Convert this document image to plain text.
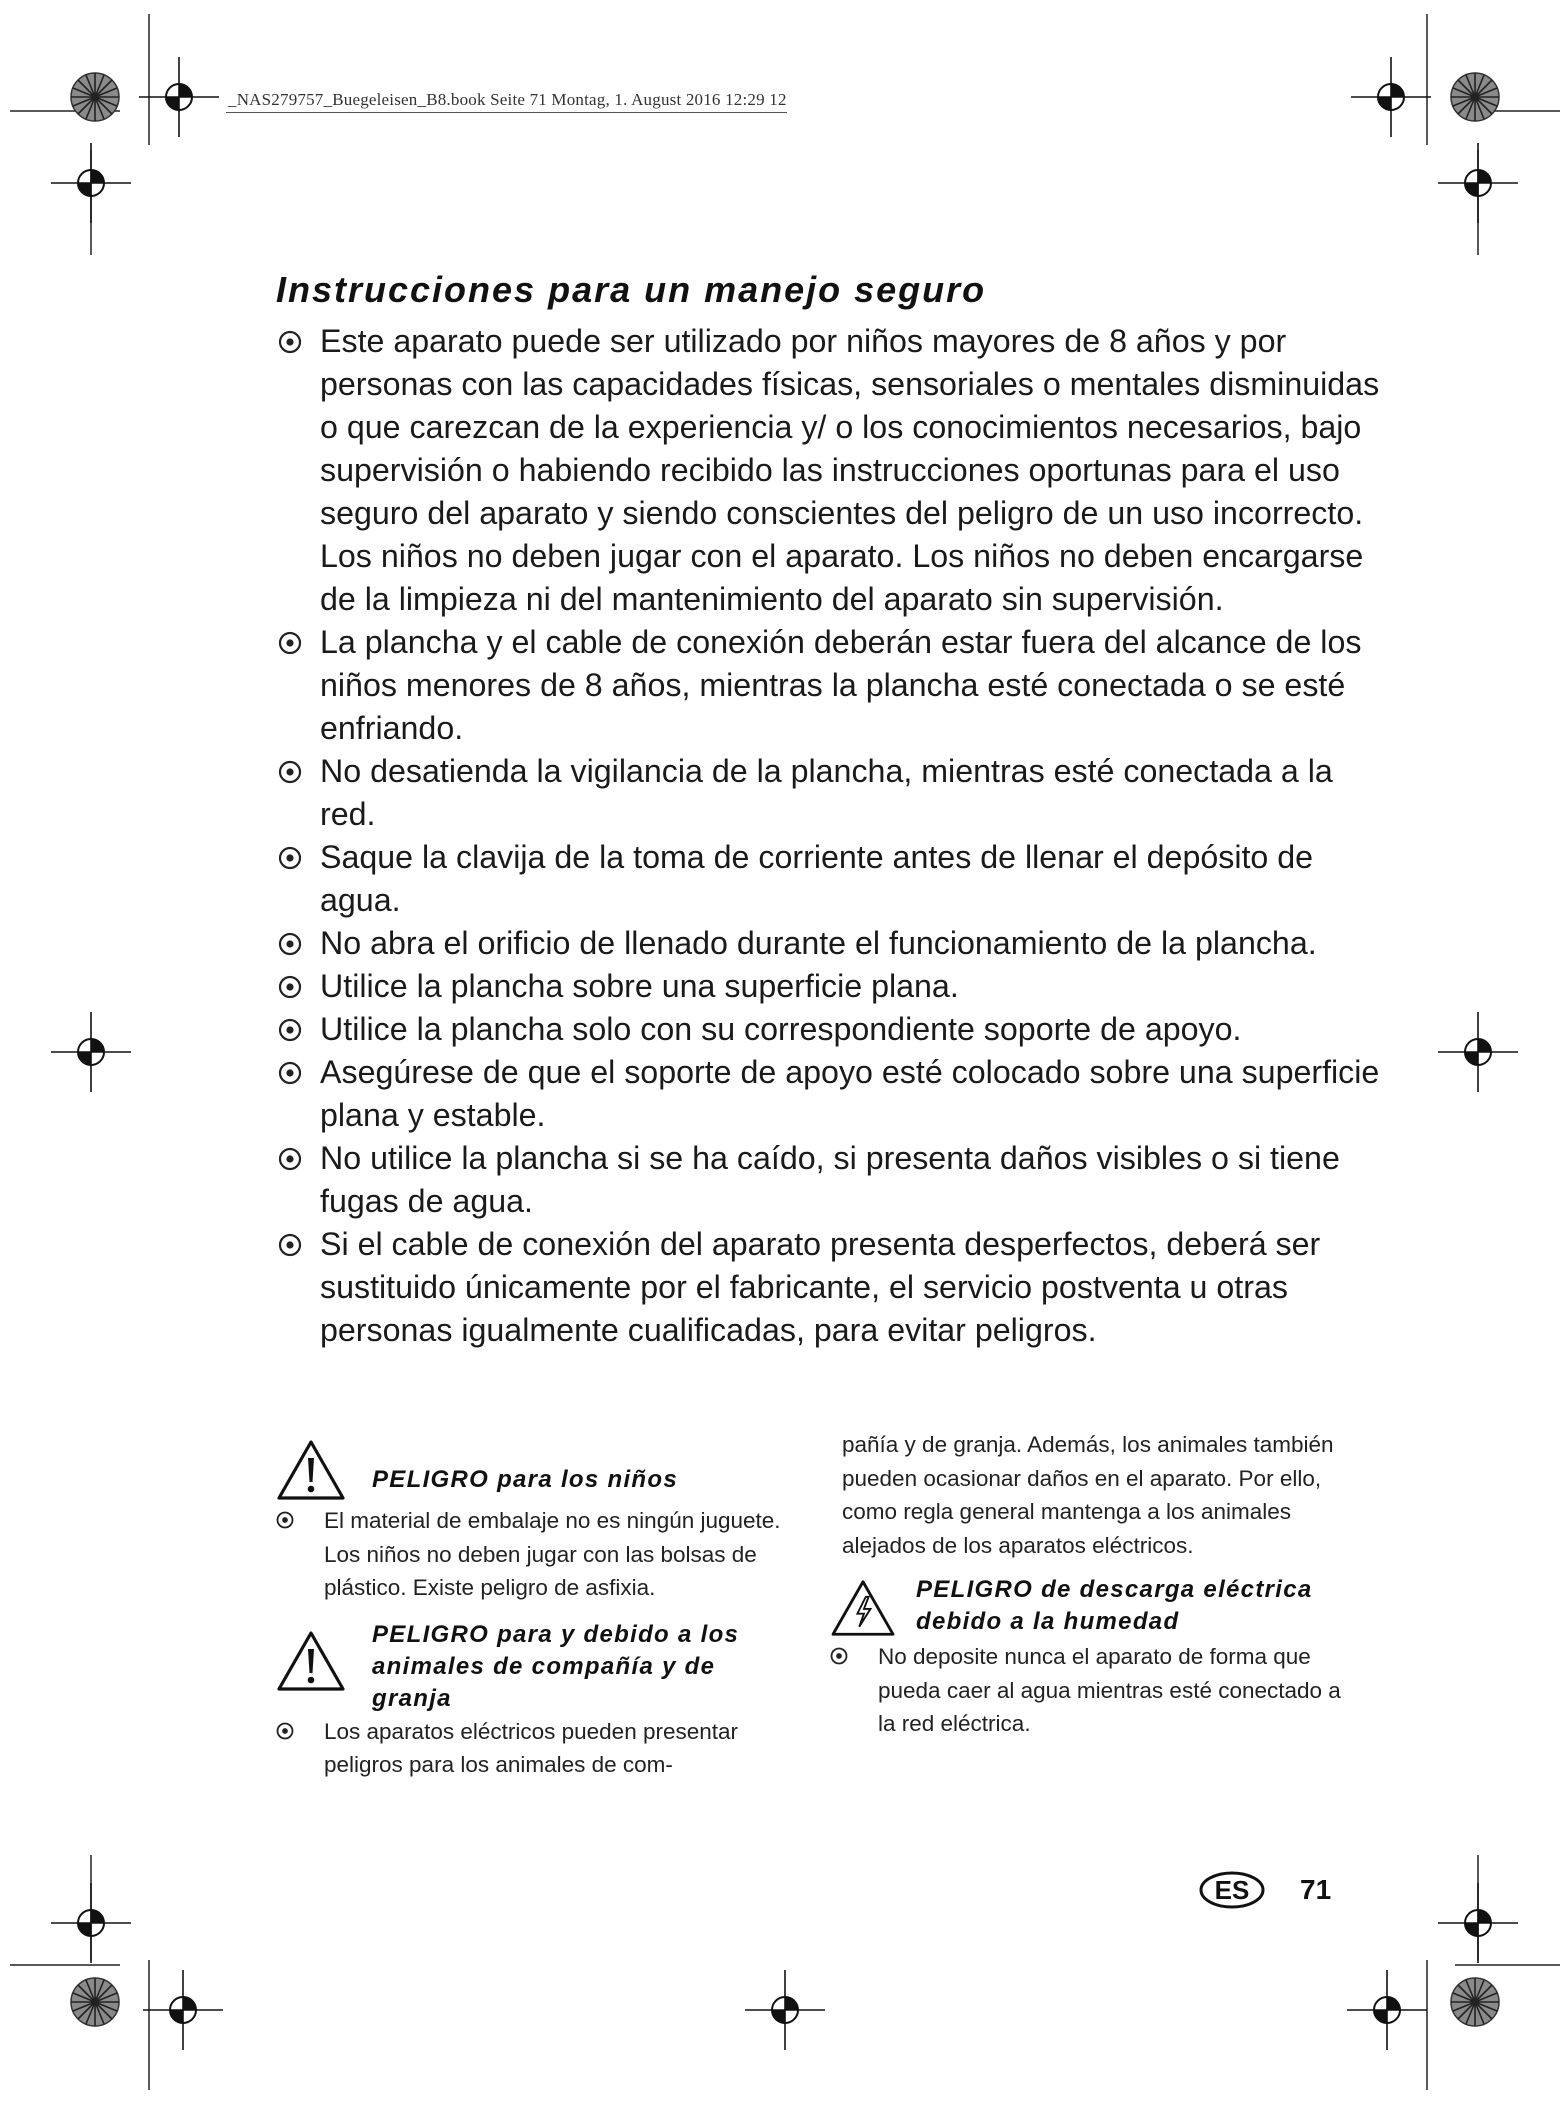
_NAS279757_Buegeleisen_B8.book Seite 71 Montag, 1. August 2016 12:29 12
Instrucciones para un manejo seguro
Este aparato puede ser utilizado por niños mayores de 8 años y por personas con las capacidades físicas, sensoriales o mentales disminuidas o que carezcan de la experiencia y/ o los conocimientos necesarios, bajo supervisión o habiendo recibido las instrucciones oportunas para el uso seguro del aparato y siendo conscientes del peligro de un uso incorrecto. Los niños no deben jugar con el aparato. Los niños no deben encargarse de la limpieza ni del mantenimiento del aparato sin supervisión.
La plancha y el cable de conexión deberán estar fuera del alcance de los niños menores de 8 años, mientras la plancha esté conectada o se esté enfriando.
No desatienda la vigilancia de la plancha, mientras esté conectada a la red.
Saque la clavija de la toma de corriente antes de llenar el depósito de agua.
No abra el orificio de llenado durante el funcionamiento de la plancha.
Utilice la plancha sobre una superficie plana.
Utilice la plancha solo con su correspondiente soporte de apoyo.
Asegúrese de que el soporte de apoyo esté colocado sobre una superficie plana y estable.
No utilice la plancha si se ha caído, si presenta daños visibles o si tiene fugas de agua.
Si el cable de conexión del aparato presenta desperfectos, deberá ser sustituido únicamente por el fabricante, el servicio postventa u otras personas igualmente cualificadas, para evitar peligros.
PELIGRO para los niños
El material de embalaje no es ningún juguete. Los niños no deben jugar con las bolsas de plástico. Existe peligro de asfixia.
PELIGRO para y debido a los animales de compañía y de granja
Los aparatos eléctricos pueden presentar peligros para los animales de com-

pañía y de granja. Además, los animales también pueden ocasionar daños en el aparato. Por ello, como regla general mantenga a los animales alejados de los aparatos eléctricos.

PELIGRO de descarga eléctrica debido a la humedad
No deposite nunca el aparato de forma que pueda caer al agua mientras esté conectado a la red eléctrica.
ES	71
